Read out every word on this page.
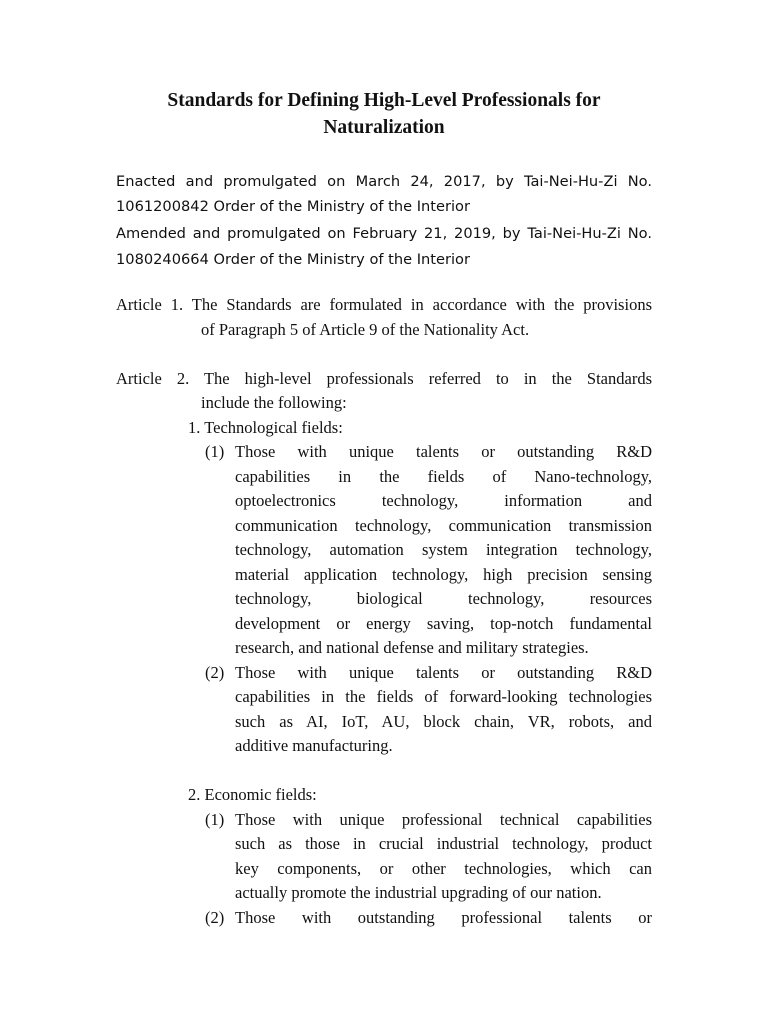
Standards for Defining High-Level Professionals for
Naturalization
Enacted and promulgated on March 24, 2017, by Tai-Nei-Hu-Zi No.
1061200842 Order of the Ministry of the Interior
Amended and promulgated on February 21, 2019, by Tai-Nei-Hu-Zi No.
1080240664 Order of the Ministry of the Interior
Article 1. The Standards are formulated in accordance with the provisions
of Paragraph 5 of Article 9 of the Nationality Act.
Article 2. The high-level professionals referred to in the Standards
include the following:
1. Technological fields:
(1) Those with unique talents or outstanding R&D
capabilities in the fields of Nano-technology,
optoelectronics technology, information and
communication technology, communication transmission
technology, automation system integration technology,
material application technology, high precision sensing
technology, biological technology, resources
development or energy saving, top-notch fundamental
research, and national defense and military strategies.
(2) Those with unique talents or outstanding R&D
capabilities in the fields of forward-looking technologies
such as AI, IoT, AU, block chain, VR, robots, and
additive manufacturing.
2. Economic fields:
(1) Those with unique professional technical capabilities
such as those in crucial industrial technology, product
key components, or other technologies, which can
actually promote the industrial upgrading of our nation.
(2) Those with outstanding professional talents or
